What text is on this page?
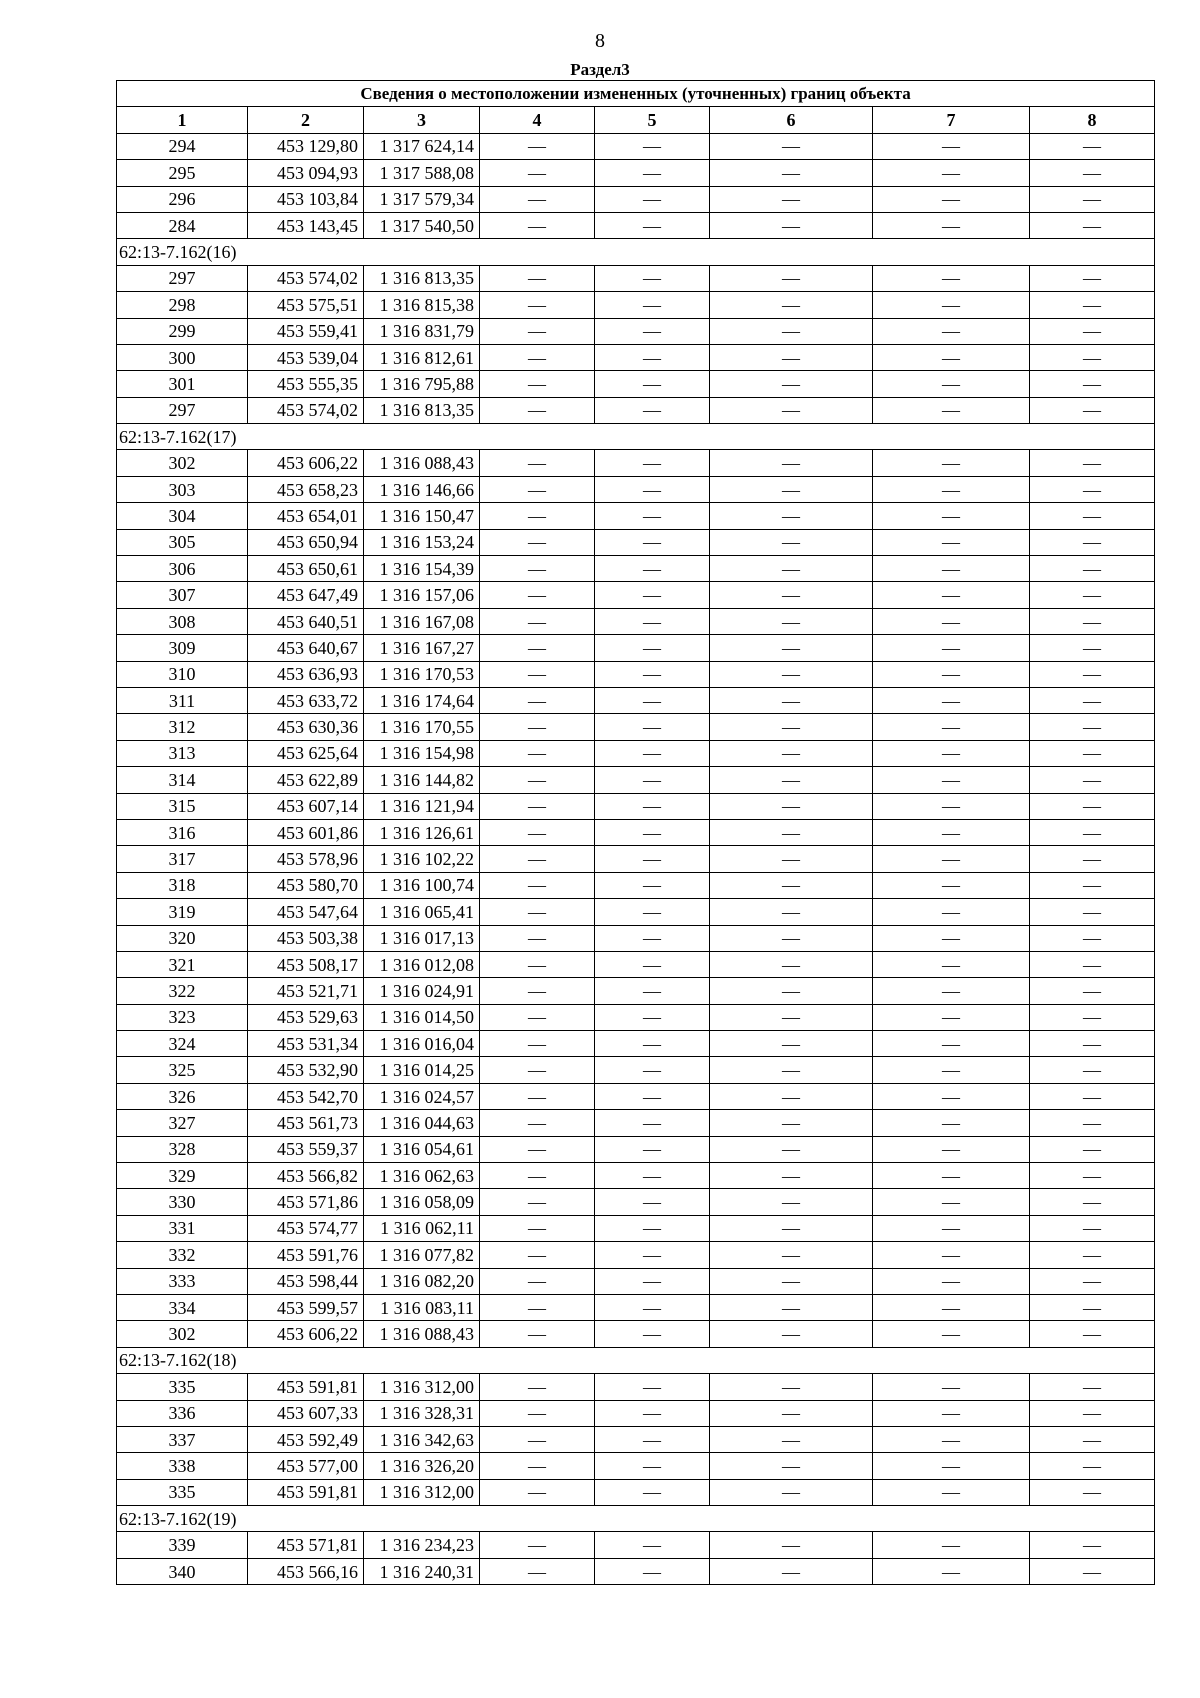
8
Раздел3
Сведения о местоположении измененных (уточненных) границ объекта							
1	2	3	4	5	6	7	8
294	453 129,80	1 317 624,14	—	—	—	—	—
295	453 094,93	1 317 588,08	—	—	—	—	—
296	453 103,84	1 317 579,34	—	—	—	—	—
284	453 143,45	1 317 540,50	—	—	—	—	—
62:13-7.162(16)							
297	453 574,02	1 316 813,35	—	—	—	—	—
298	453 575,51	1 316 815,38	—	—	—	—	—
299	453 559,41	1 316 831,79	—	—	—	—	—
300	453 539,04	1 316 812,61	—	—	—	—	—
301	453 555,35	1 316 795,88	—	—	—	—	—
297	453 574,02	1 316 813,35	—	—	—	—	—
62:13-7.162(17)							
302	453 606,22	1 316 088,43	—	—	—	—	—
303	453 658,23	1 316 146,66	—	—	—	—	—
304	453 654,01	1 316 150,47	—	—	—	—	—
305	453 650,94	1 316 153,24	—	—	—	—	—
306	453 650,61	1 316 154,39	—	—	—	—	—
307	453 647,49	1 316 157,06	—	—	—	—	—
308	453 640,51	1 316 167,08	—	—	—	—	—
309	453 640,67	1 316 167,27	—	—	—	—	—
310	453 636,93	1 316 170,53	—	—	—	—	—
311	453 633,72	1 316 174,64	—	—	—	—	—
312	453 630,36	1 316 170,55	—	—	—	—	—
313	453 625,64	1 316 154,98	—	—	—	—	—
314	453 622,89	1 316 144,82	—	—	—	—	—
315	453 607,14	1 316 121,94	—	—	—	—	—
316	453 601,86	1 316 126,61	—	—	—	—	—
317	453 578,96	1 316 102,22	—	—	—	—	—
318	453 580,70	1 316 100,74	—	—	—	—	—
319	453 547,64	1 316 065,41	—	—	—	—	—
320	453 503,38	1 316 017,13	—	—	—	—	—
321	453 508,17	1 316 012,08	—	—	—	—	—
322	453 521,71	1 316 024,91	—	—	—	—	—
323	453 529,63	1 316 014,50	—	—	—	—	—
324	453 531,34	1 316 016,04	—	—	—	—	—
325	453 532,90	1 316 014,25	—	—	—	—	—
326	453 542,70	1 316 024,57	—	—	—	—	—
327	453 561,73	1 316 044,63	—	—	—	—	—
328	453 559,37	1 316 054,61	—	—	—	—	—
329	453 566,82	1 316 062,63	—	—	—	—	—
330	453 571,86	1 316 058,09	—	—	—	—	—
331	453 574,77	1 316 062,11	—	—	—	—	—
332	453 591,76	1 316 077,82	—	—	—	—	—
333	453 598,44	1 316 082,20	—	—	—	—	—
334	453 599,57	1 316 083,11	—	—	—	—	—
302	453 606,22	1 316 088,43	—	—	—	—	—
62:13-7.162(18)							
335	453 591,81	1 316 312,00	—	—	—	—	—
336	453 607,33	1 316 328,31	—	—	—	—	—
337	453 592,49	1 316 342,63	—	—	—	—	—
338	453 577,00	1 316 326,20	—	—	—	—	—
335	453 591,81	1 316 312,00	—	—	—	—	—
62:13-7.162(19)							
339	453 571,81	1 316 234,23	—	—	—	—	—
340	453 566,16	1 316 240,31	—	—	—	—	—
